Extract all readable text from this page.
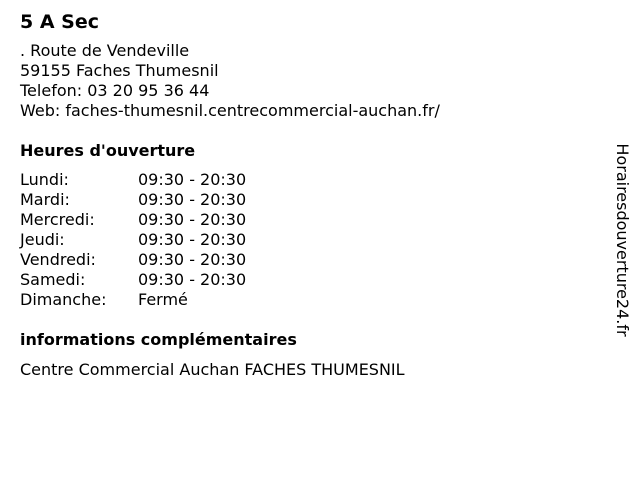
5 A Sec
. Route de Vendeville
59155 Faches Thumesnil
Telefon: 03 20 95 36 44
Web: faches-thumesnil.centrecommercial-auchan.fr/
Heures d'ouverture
Lundi:	09:30 - 20:30
Mardi:	09:30 - 20:30
Mercredi:	09:30 - 20:30
Jeudi:	09:30 - 20:30
Vendredi:	09:30 - 20:30
Samedi:	09:30 - 20:30
Dimanche:	Fermé
informations complémentaires
Centre Commercial Auchan FACHES THUMESNIL
Horairesdouverture24.fr
